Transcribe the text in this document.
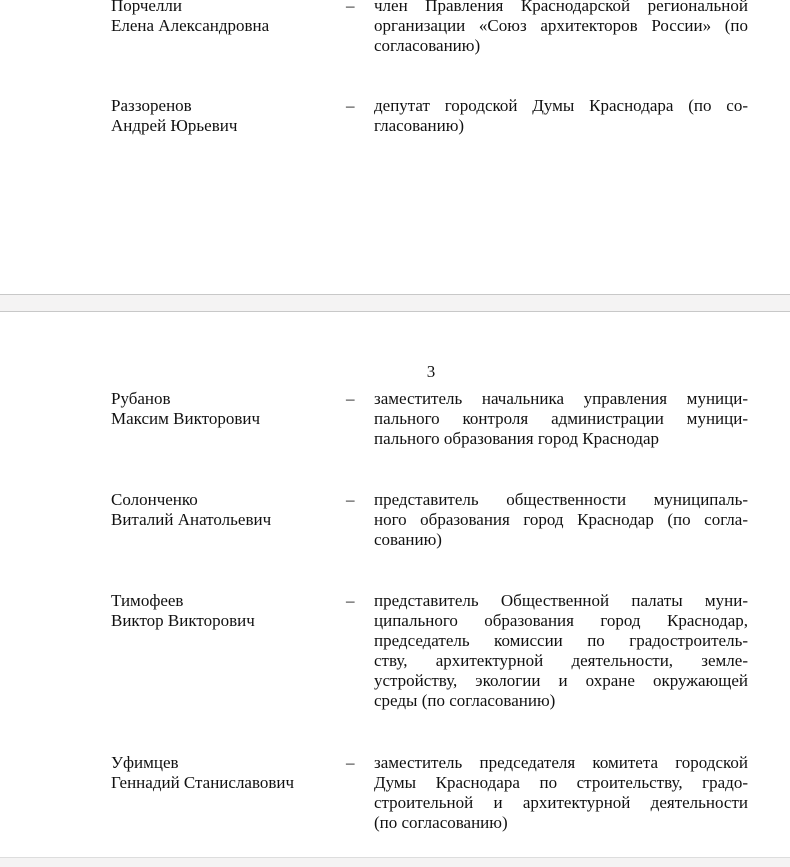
Порчелли
Елена Александровна
– член Правления Краснодарской региональной
организации «Союз архитекторов России» (по
согласованию)
Раззоренов
Андрей Юрьевич
– депутат городской Думы Краснодара (по со-
гласованию)
3
Рубанов
Максим Викторович
– заместитель начальника управления муници-
пального контроля администрации муници-
пального образования город Краснодар
Солонченко
Виталий Анатольевич
– представитель общественности муниципаль-
ного образования город Краснодар (по согла-
сованию)
Тимофеев
Виктор Викторович
– представитель Общественной палаты муни-
ципального образования город Краснодар,
председатель комиссии по градостроитель-
ству, архитектурной деятельности, земле-
устройству, экологии и охране окружающей
среды (по согласованию)
Уфимцев
Геннадий Станиславович
– заместитель председателя комитета городской
Думы Краснодара по строительству, градо-
строительной и архитектурной деятельности
(по согласованию)
